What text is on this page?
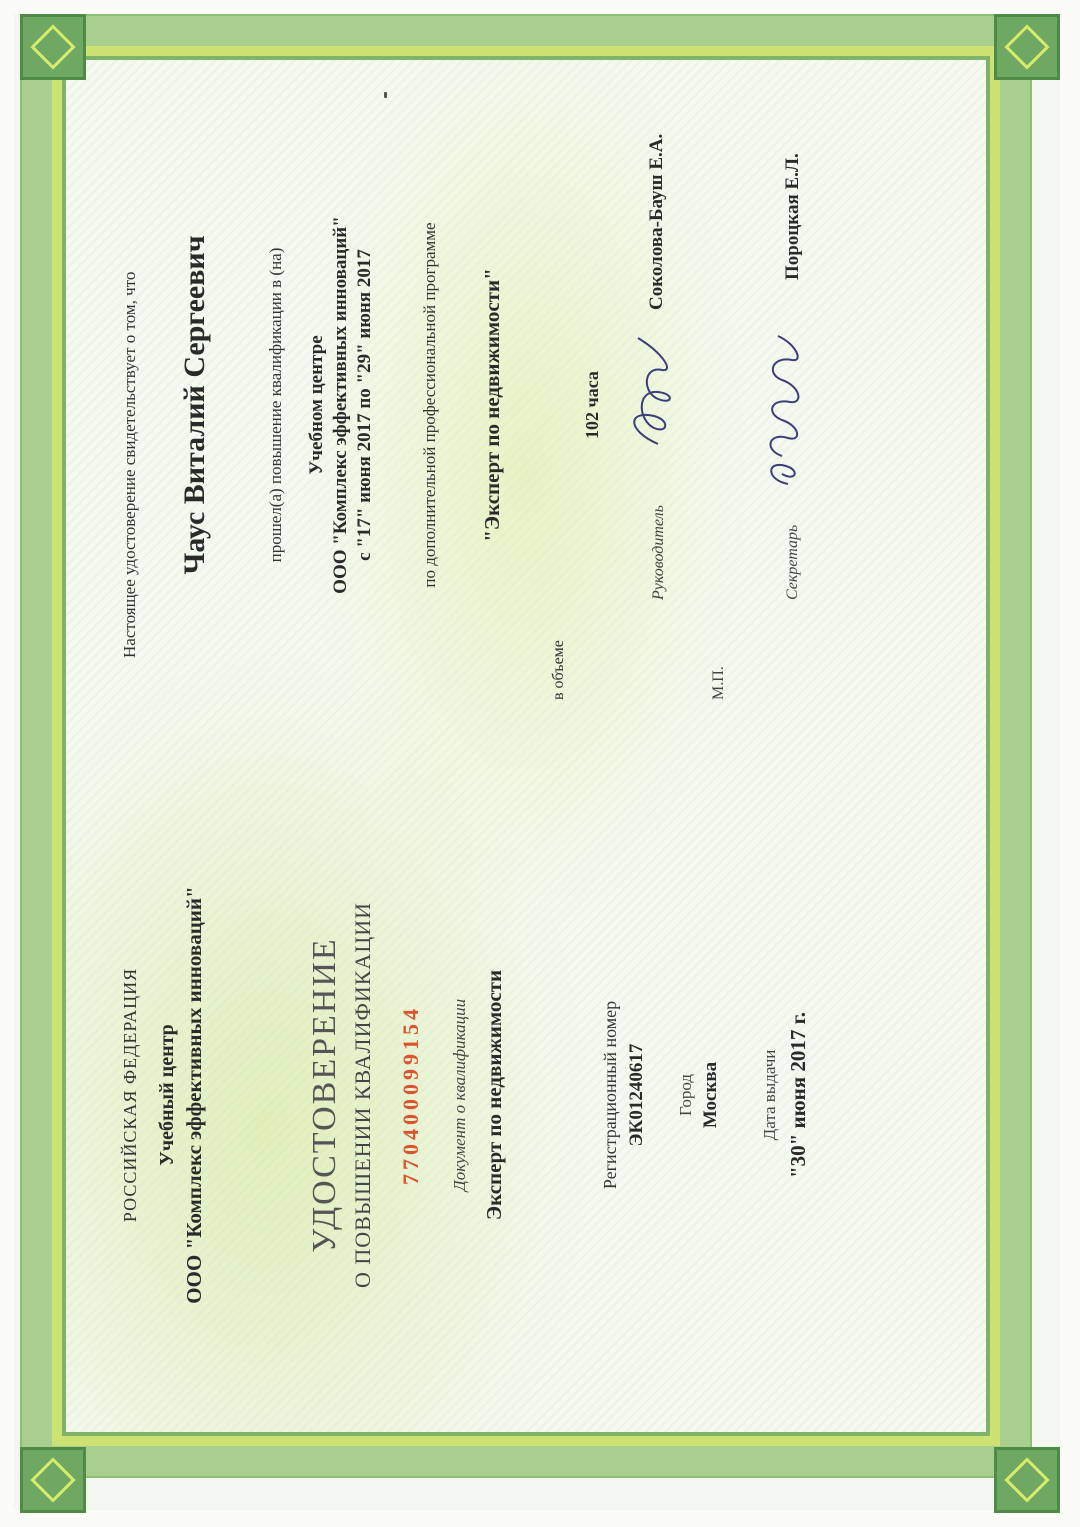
РОССИЙСКАЯ ФЕДЕРАЦИЯ Учебный центр ООО "Комплекс эффективных инноваций"	УДОСТОВЕРЕНИЕ О ПОВЫШЕНИИ КВАЛИФИКАЦИИ 770400099154 Документ о квалификации Эксперт по недвижимости	Регистрационный номер ЭК01240617 Город Москва Дата выдачи "30" июня 2017 г.
Настоящее удостоверение свидетельствует о том, что Чаус Виталий Сергеевич	прошел(а) повышение квалификации в (на) Учебном центре ООО "Комплекс эффективных инноваций" с "17" июня 2017 по "29" июня 2017	по дополнительной профессиональной программе "Эксперт по недвижимости"
в объеме
102 часа
Руководитель
Соколова-Бауш Е.А.
М.П.
Секретарь
Пороцкая Е.Л.
